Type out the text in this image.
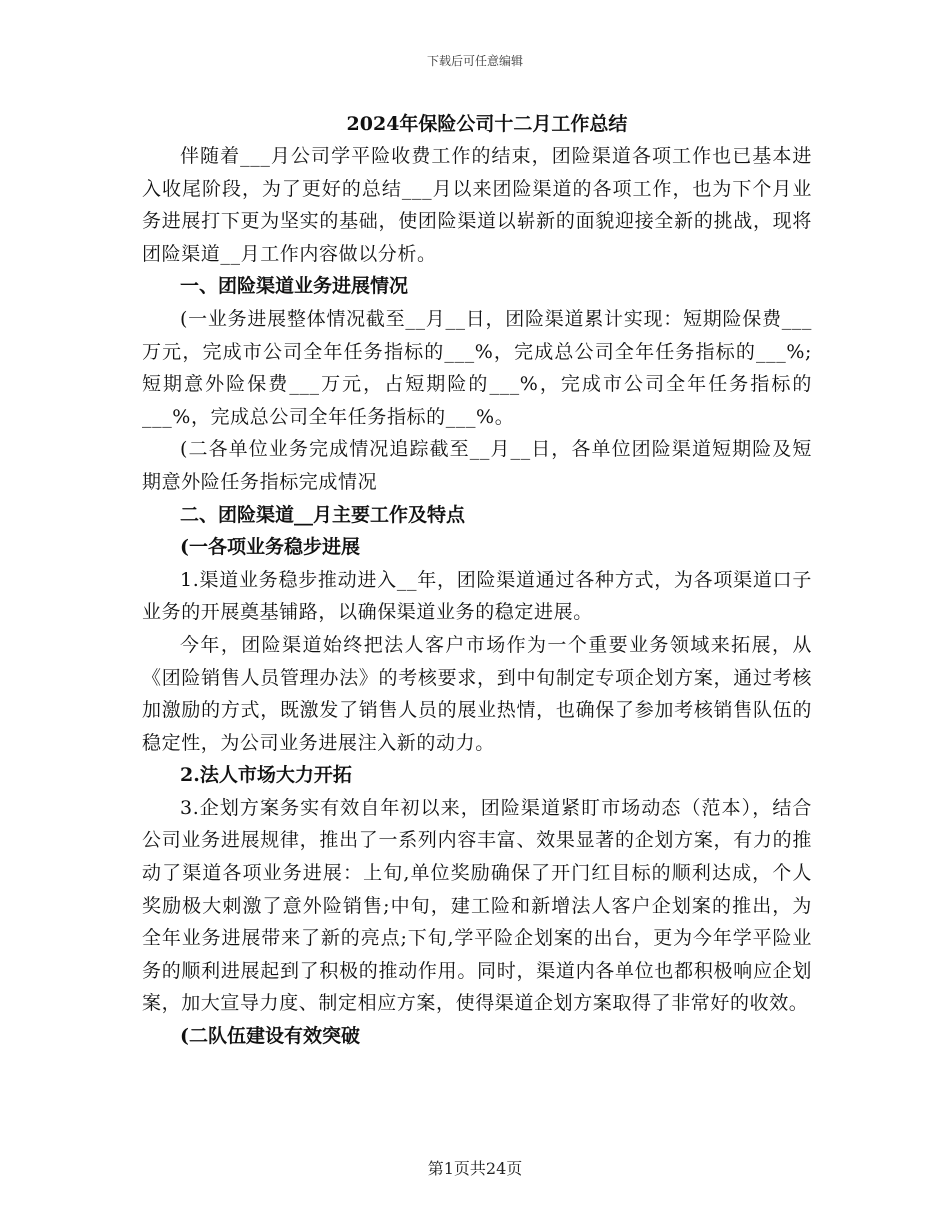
下载后可任意编辑
2024年保险公司十二月工作总结

伴随着___月公司学平险收费工作的结束，团险渠道各项工作也已基本进入收尾阶段，为了更好的总结___月以来团险渠道的各项工作，也为下个月业务进展打下更为坚实的基础，使团险渠道以崭新的面貌迎接全新的挑战，现将团险渠道__月工作内容做以分析。

一、团险渠道业务进展情况

(一业务进展整体情况截至__月__日，团险渠道累计实现：短期险保费___万元，完成市公司全年任务指标的___%，完成总公司全年任务指标的___%;短期意外险保费___万元，占短期险的___%，完成市公司全年任务指标的___%，完成总公司全年任务指标的___%。

(二各单位业务完成情况追踪截至__月__日，各单位团险渠道短期险及短期意外险任务指标完成情况

二、团险渠道__月主要工作及特点

(一各项业务稳步进展

1.渠道业务稳步推动进入__年，团险渠道通过各种方式，为各项渠道口子业务的开展奠基铺路，以确保渠道业务的稳定进展。

今年，团险渠道始终把法人客户市场作为一个重要业务领域来拓展，从《团险销售人员管理办法》的考核要求，到中旬制定专项企划方案，通过考核加激励的方式，既激发了销售人员的展业热情，也确保了参加考核销售队伍的稳定性，为公司业务进展注入新的动力。

2.法人市场大力开拓

3.企划方案务实有效自年初以来，团险渠道紧盯市场动态（范本），结合公司业务进展规律，推出了一系列内容丰富、效果显著的企划方案，有力的推动了渠道各项业务进展：上旬,单位奖励确保了开门红目标的顺利达成，个人奖励极大刺激了意外险销售;中旬，建工险和新增法人客户企划案的推出，为全年业务进展带来了新的亮点;下旬,学平险企划案的出台，更为今年学平险业务的顺利进展起到了积极的推动作用。同时，渠道内各单位也都积极响应企划案，加大宣导力度、制定相应方案，使得渠道企划方案取得了非常好的收效。

(二队伍建设有效突破

第1页共24页
